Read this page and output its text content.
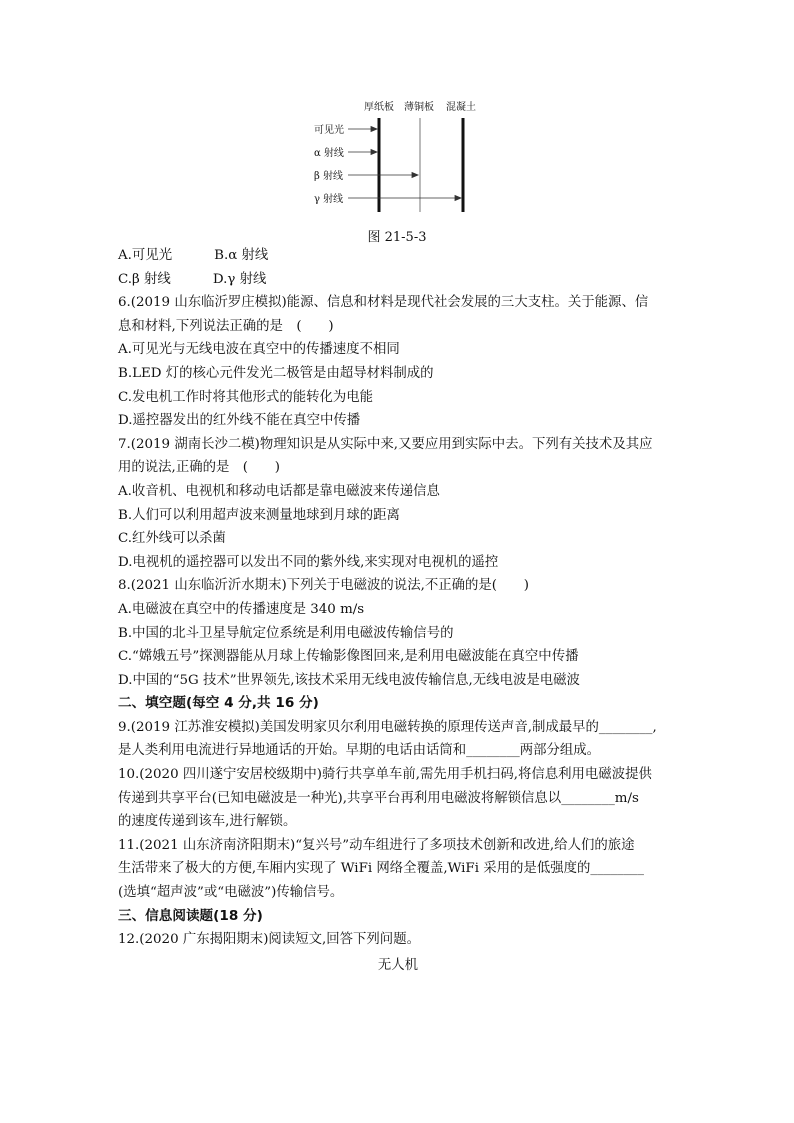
厚纸板 薄铜板 混凝土
可见光
α 射线
β 射线
γ 射线
图 21-5-3
A.可见光	B.α 射线
C.β 射线	D.γ 射线
6.(2019 山东临沂罗庄模拟)能源、信息和材料是现代社会发展的三大支柱。关于能源、信
息和材料,下列说法正确的是　(　　)
A.可见光与无线电波在真空中的传播速度不相同
B.LED 灯的核心元件发光二极管是由超导材料制成的
C.发电机工作时将其他形式的能转化为电能
D.遥控器发出的红外线不能在真空中传播
7.(2019 湖南长沙二模)物理知识是从实际中来,又要应用到实际中去。下列有关技术及其应
用的说法,正确的是　(　　)
A.收音机、电视机和移动电话都是靠电磁波来传递信息
B.人们可以利用超声波来测量地球到月球的距离
C.红外线可以杀菌
D.电视机的遥控器可以发出不同的紫外线,来实现对电视机的遥控
8.(2021 山东临沂沂水期末)下列关于电磁波的说法,不正确的是(　　)
A.电磁波在真空中的传播速度是 340 m/s
B.中国的北斗卫星导航定位系统是利用电磁波传输信号的
C.“嫦娥五号”探测器能从月球上传输影像图回来,是利用电磁波能在真空中传播
D.中国的“5G 技术”世界领先,该技术采用无线电波传输信息,无线电波是电磁波
二、填空题(每空 4 分,共 16 分)
9.(2019 江苏淮安模拟)美国发明家贝尔利用电磁转换的原理传送声音,制成最早的________,
是人类利用电流进行异地通话的开始。早期的电话由话筒和________两部分组成。
10.(2020 四川遂宁安居校级期中)骑行共享单车前,需先用手机扫码,将信息利用电磁波提供
传递到共享平台(已知电磁波是一种光),共享平台再利用电磁波将解锁信息以________m/s
的速度传递到该车,进行解锁。
11.(2021 山东济南济阳期末)“复兴号”动车组进行了多项技术创新和改进,给人们的旅途
生活带来了极大的方便,车厢内实现了 WiFi 网络全覆盖,WiFi 采用的是低强度的________
(选填“超声波”或“电磁波”)传输信号。
三、信息阅读题(18 分)
12.(2020 广东揭阳期末)阅读短文,回答下列问题。
无人机
